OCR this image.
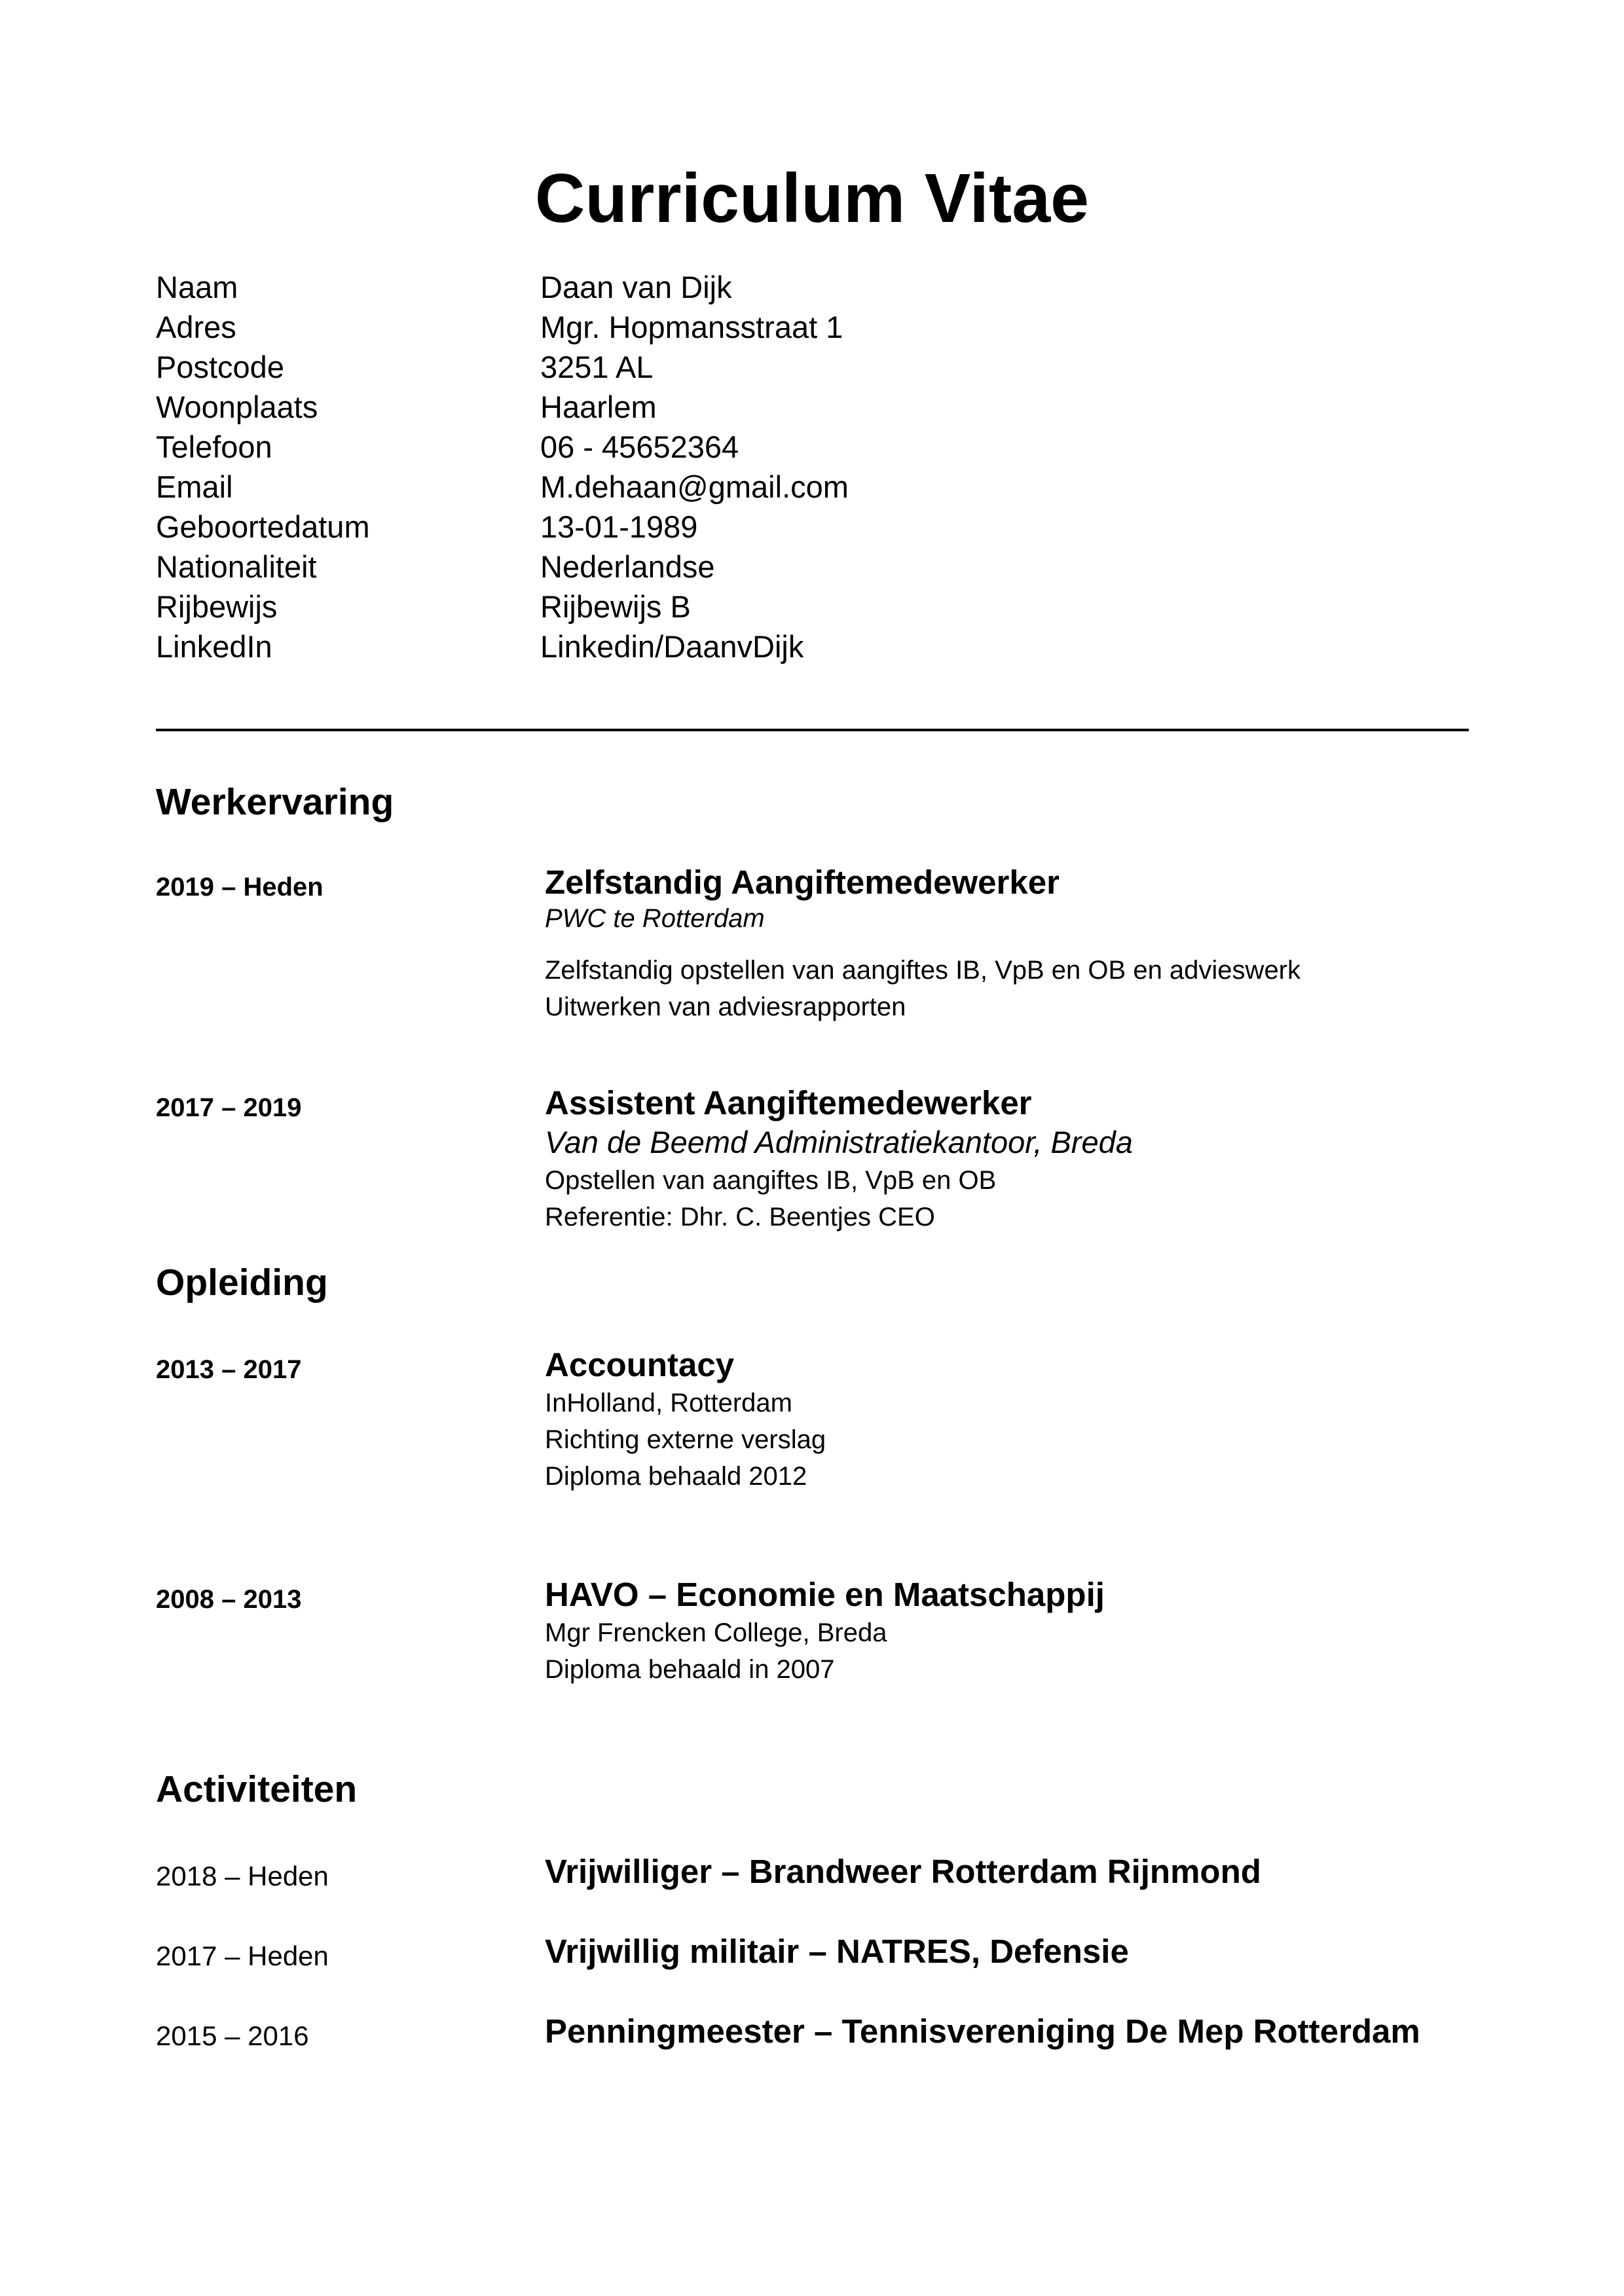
Curriculum Vitae
Naam	Daan van Dijk
Adres	Mgr. Hopmansstraat 1
Postcode	3251 AL
Woonplaats	Haarlem
Telefoon	06 - 45652364
Email	M.dehaan@gmail.com
Geboortedatum	13-01-1989
Nationaliteit	Nederlandse
Rijbewijs	Rijbewijs B
LinkedIn	Linkedin/DaanvDijk
Werkervaring
2019 – Heden	Zelfstandig Aangiftemedewerker
PWC te Rotterdam
Zelfstandig opstellen van aangiftes IB, VpB en OB en advieswerk
Uitwerken van adviesrapporten
2017 – 2019	Assistent Aangiftemedewerker
Van de Beemd Administratiekantoor, Breda
Opstellen van aangiftes IB, VpB en OB
Referentie: Dhr. C. Beentjes CEO
Opleiding
2013 – 2017	Accountacy
InHolland, Rotterdam
Richting externe verslag
Diploma behaald 2012
2008 – 2013	HAVO – Economie en Maatschappij
Mgr Frencken College, Breda
Diploma behaald in 2007
Activiteiten
2018 – Heden	Vrijwilliger – Brandweer Rotterdam Rijnmond
2017 – Heden	Vrijwillig militair – NATRES, Defensie
2015 – 2016	Penningmeester – Tennisvereniging De Mep Rotterdam
